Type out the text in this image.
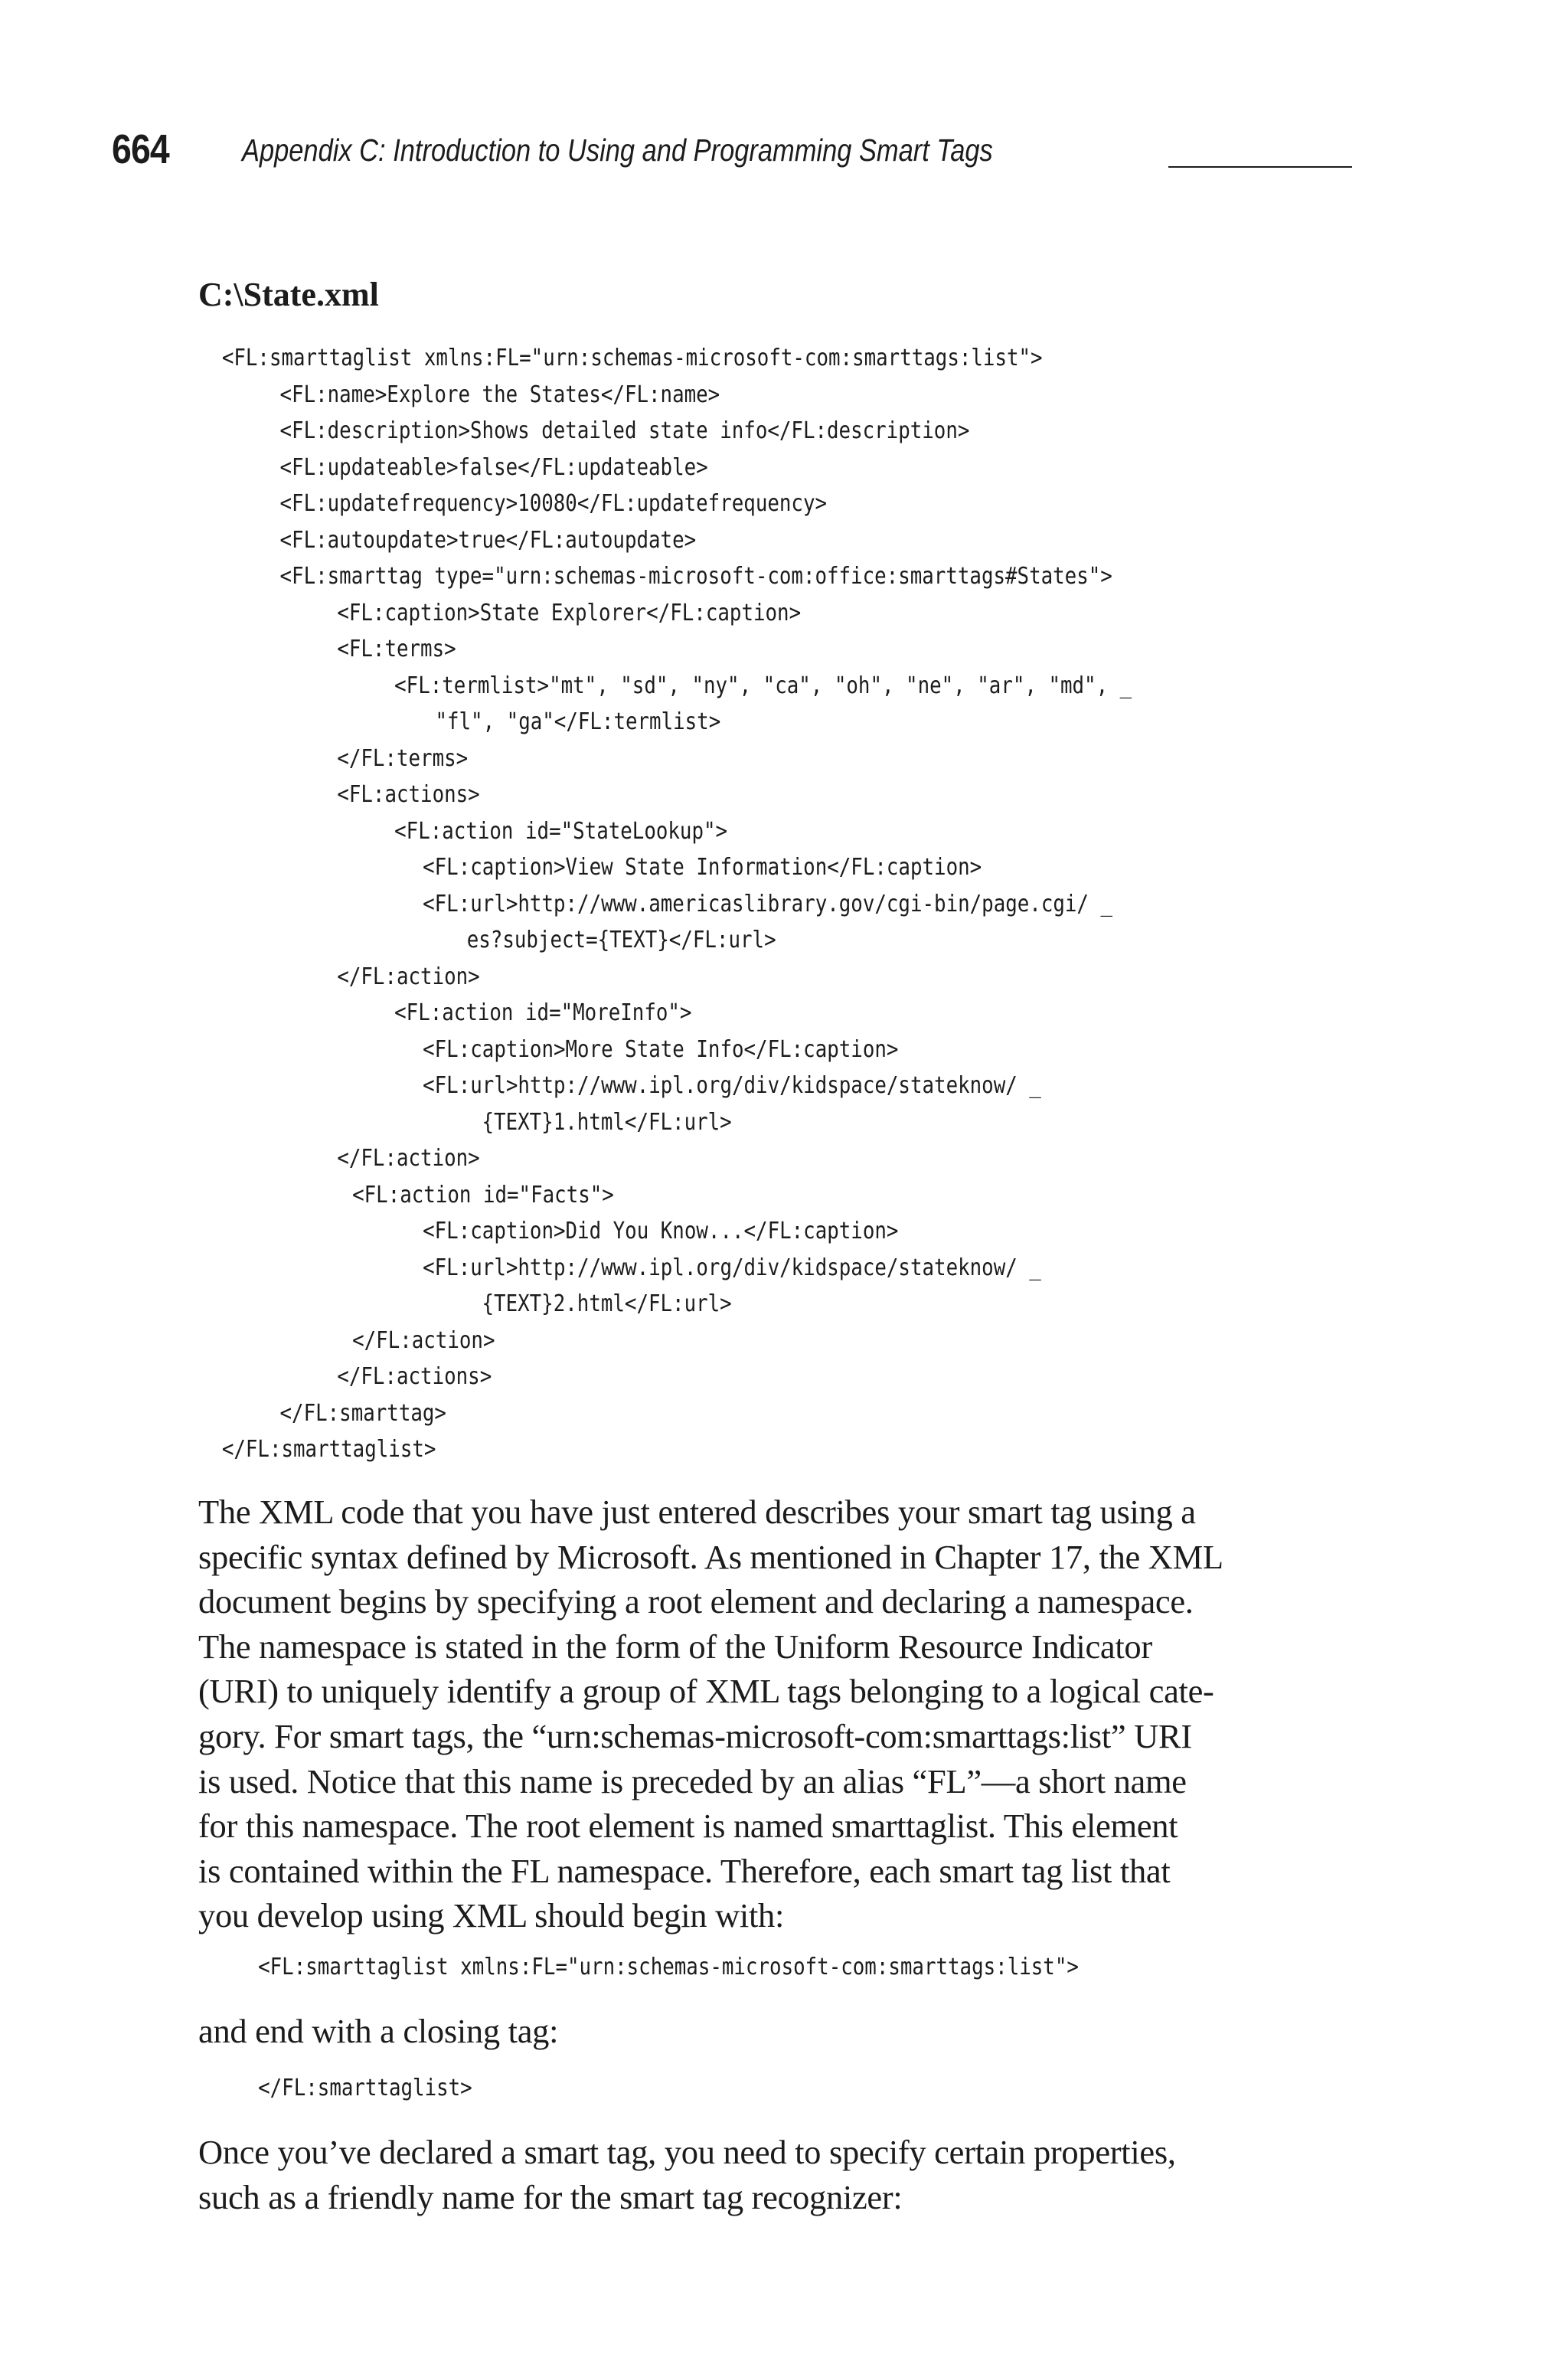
664 Appendix C: Introduction to Using and Programming Smart Tags
C:\State.xml
<FL:smarttaglist xmlns:FL="urn:schemas-microsoft-com:smarttags:list">
<FL:name>Explore the States</FL:name>
<FL:description>Shows detailed state info</FL:description>
<FL:updateable>false</FL:updateable>
<FL:updatefrequency>10080</FL:updatefrequency>
<FL:autoupdate>true</FL:autoupdate>
<FL:smarttag type="urn:schemas-microsoft-com:office:smarttags#States">
<FL:caption>State Explorer</FL:caption>
<FL:terms>
<FL:termlist>"mt", "sd", "ny", "ca", "oh", "ne", "ar", "md", _
"fl", "ga"</FL:termlist>
</FL:terms>
<FL:actions>
<FL:action id="StateLookup">
<FL:caption>View State Information</FL:caption>
<FL:url>http://www.americaslibrary.gov/cgi-bin/page.cgi/ _
es?subject={TEXT}</FL:url>
</FL:action>
<FL:action id="MoreInfo">
<FL:caption>More State Info</FL:caption>
<FL:url>http://www.ipl.org/div/kidspace/stateknow/ _
{TEXT}1.html</FL:url>
</FL:action>
<FL:action id="Facts">
<FL:caption>Did You Know...</FL:caption>
<FL:url>http://www.ipl.org/div/kidspace/stateknow/ _
{TEXT}2.html</FL:url>
</FL:action>
</FL:actions>
</FL:smarttag>
</FL:smarttaglist>

The XML code that you have just entered describes your smart tag using a
specific syntax defined by Microsoft. As mentioned in Chapter 17, the XML
document begins by specifying a root element and declaring a namespace.
The namespace is stated in the form of the Uniform Resource Indicator
(URI) to uniquely identify a group of XML tags belonging to a logical cate-
gory. For smart tags, the “urn:schemas-microsoft-com:smarttags:list” URI
is used. Notice that this name is preceded by an alias “FL”—a short name
for this namespace. The root element is named smarttaglist. This element
is contained within the FL namespace. Therefore, each smart tag list that
you develop using XML should begin with:

<FL:smarttaglist xmlns:FL="urn:schemas-microsoft-com:smarttags:list">

and end with a closing tag:

</FL:smarttaglist>

Once you’ve declared a smart tag, you need to specify certain properties,
such as a friendly name for the smart tag recognizer:
